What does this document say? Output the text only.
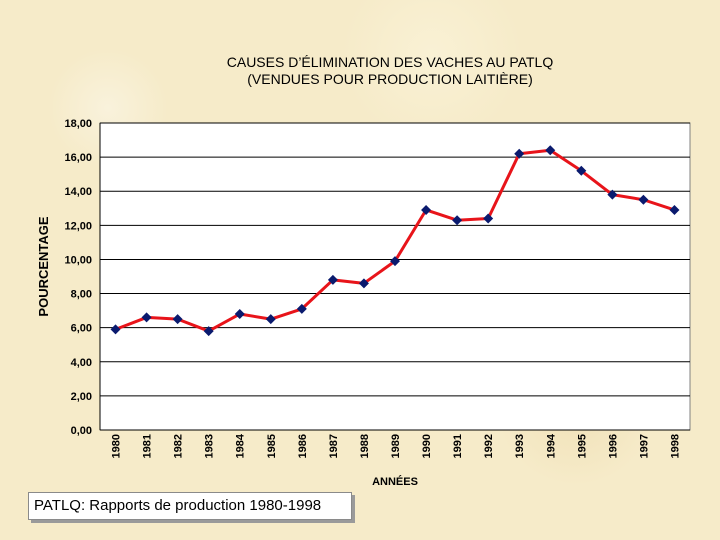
CAUSES D’ÉLIMINATION DES VACHES AU PATLQ
(VENDUES POUR PRODUCTION LAITIÈRE)
0,00
2,00
4,00
6,00
8,00
10,00
12,00
14,00
16,00
18,00
1980 1981 1982 1983 1984 1985 1986 1987 1988 1989 1990 1991 1992 1993 1994 1995 1996 1997 1998
POURCENTAGE
ANNÉES
PATLQ: Rapports de production 1980-1998
